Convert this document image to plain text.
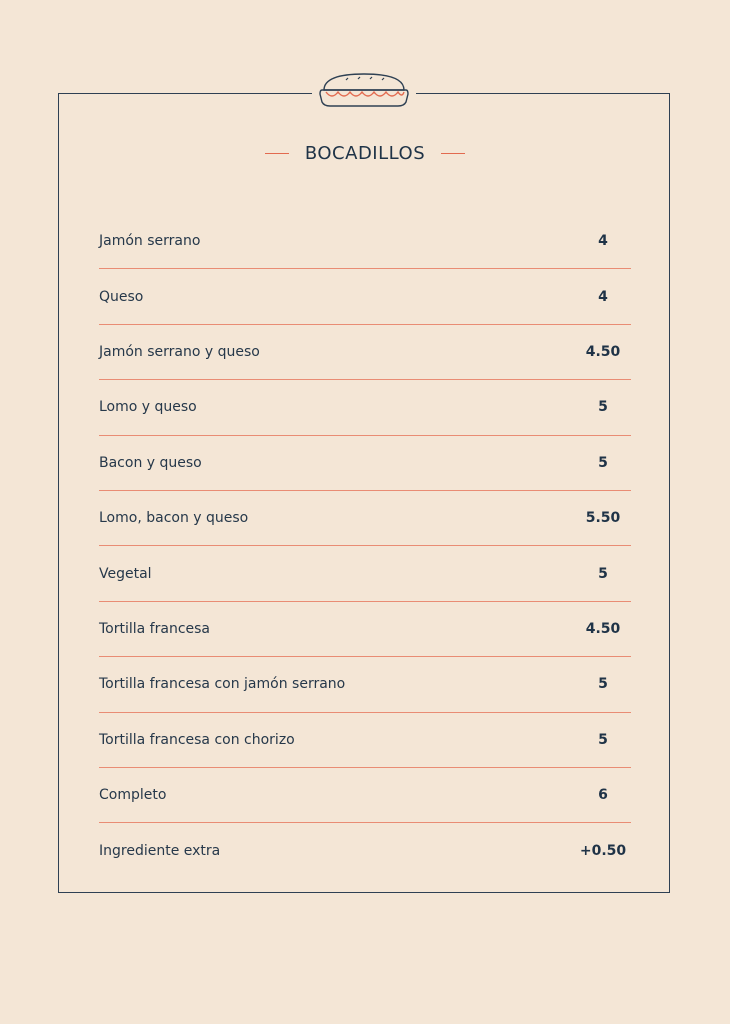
BOCADILLOS
Jamón serrano	4
Queso	4
Jamón serrano y queso	4.50
Lomo y queso	5
Bacon y queso	5
Lomo, bacon y queso	5.50
Vegetal	5
Tortilla francesa	4.50
Tortilla francesa con jamón serrano	5
Tortilla francesa con chorizo	5
Completo	6
Ingrediente extra	+0.50
